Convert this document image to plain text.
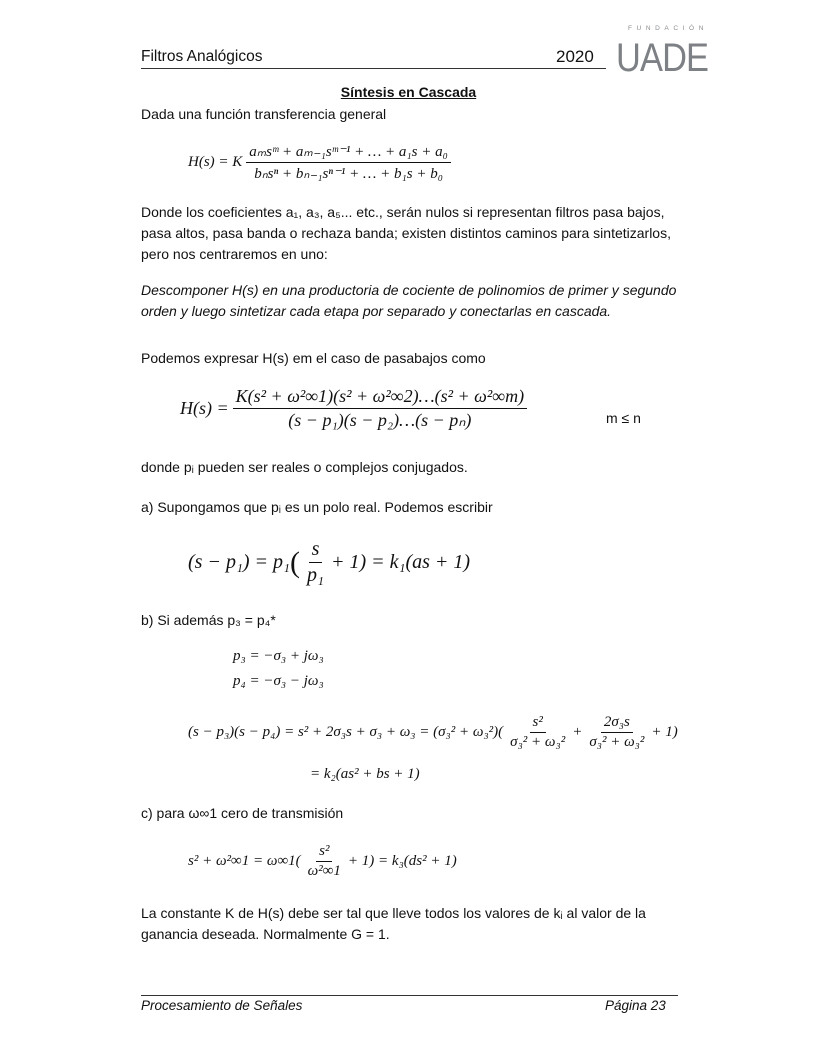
Filtros Analógicos	2020
FUNDACIÓN
UADE
Síntesis en Cascada
Dada una función transferencia general
H(s) = K $\frac{\text{aₘsᵐ + aₘ₋₁sᵐ⁻¹ + … + a₁s + a₀}}{\text{bₙsⁿ + bₙ₋₁sⁿ⁻¹ + … + b₁s + b₀}}$
Donde los coeficientes a₁, a₃, a₅... etc., serán nulos si representan filtros pasa bajos, pasa altos, pasa banda o rechaza banda; existen distintos caminos para sintetizarlos, pero nos centraremos en uno:
Descomponer H(s) en una productoria de cociente de polinomios de primer y segundo orden y luego sintetizar cada etapa por separado y conectarlas en cascada.
Podemos expresar H(s) em el caso de pasabajos como
$H(s) = \frac{\text{K(s² + ω²∞1)(s² + ω²∞2)…(s² + ω²∞m)}}{\text{(s − p₁)(s − p₂)…(s − pₙ)}}$	m ≤ n
donde pᵢ pueden ser reales o complejos conjugados.
a) Supongamos que pᵢ es un polo real. Podemos escribir
(s − p₁) = p₁ ( $\frac{s}{\text{p₁}} + 1) = k_1(as + 1)$
b) Si además p₃ = p₄*
p₃ = −σ₃ + jω₃
p₄ = −σ₃ − jω₃
$(s - p_3)(s - p_4) = s^2 + 2\sigma_3s + \sigma_3 + \omega_3 = (\sigma_3^2 + \omega_3^2)( \frac{\text{s²}}{\text{σ₃² + ω₃²}} + \frac{\text{2σ₃s}}{\text{σ₃² + ω₃²}} + 1)$
= k₂(as² + bs + 1)
c) para ω∞1 cero de transmisión
$s^2 + \omega^2\infty 1 = \omega\infty 1( \frac{\text{s²}}{\text{ω²∞1}} + 1) = k_3(ds^2 + 1)$
La constante K de H(s) debe ser tal que lleve todos los valores de kᵢ al valor de la ganancia deseada. Normalmente G = 1.
Procesamiento de Señales	Página 23
